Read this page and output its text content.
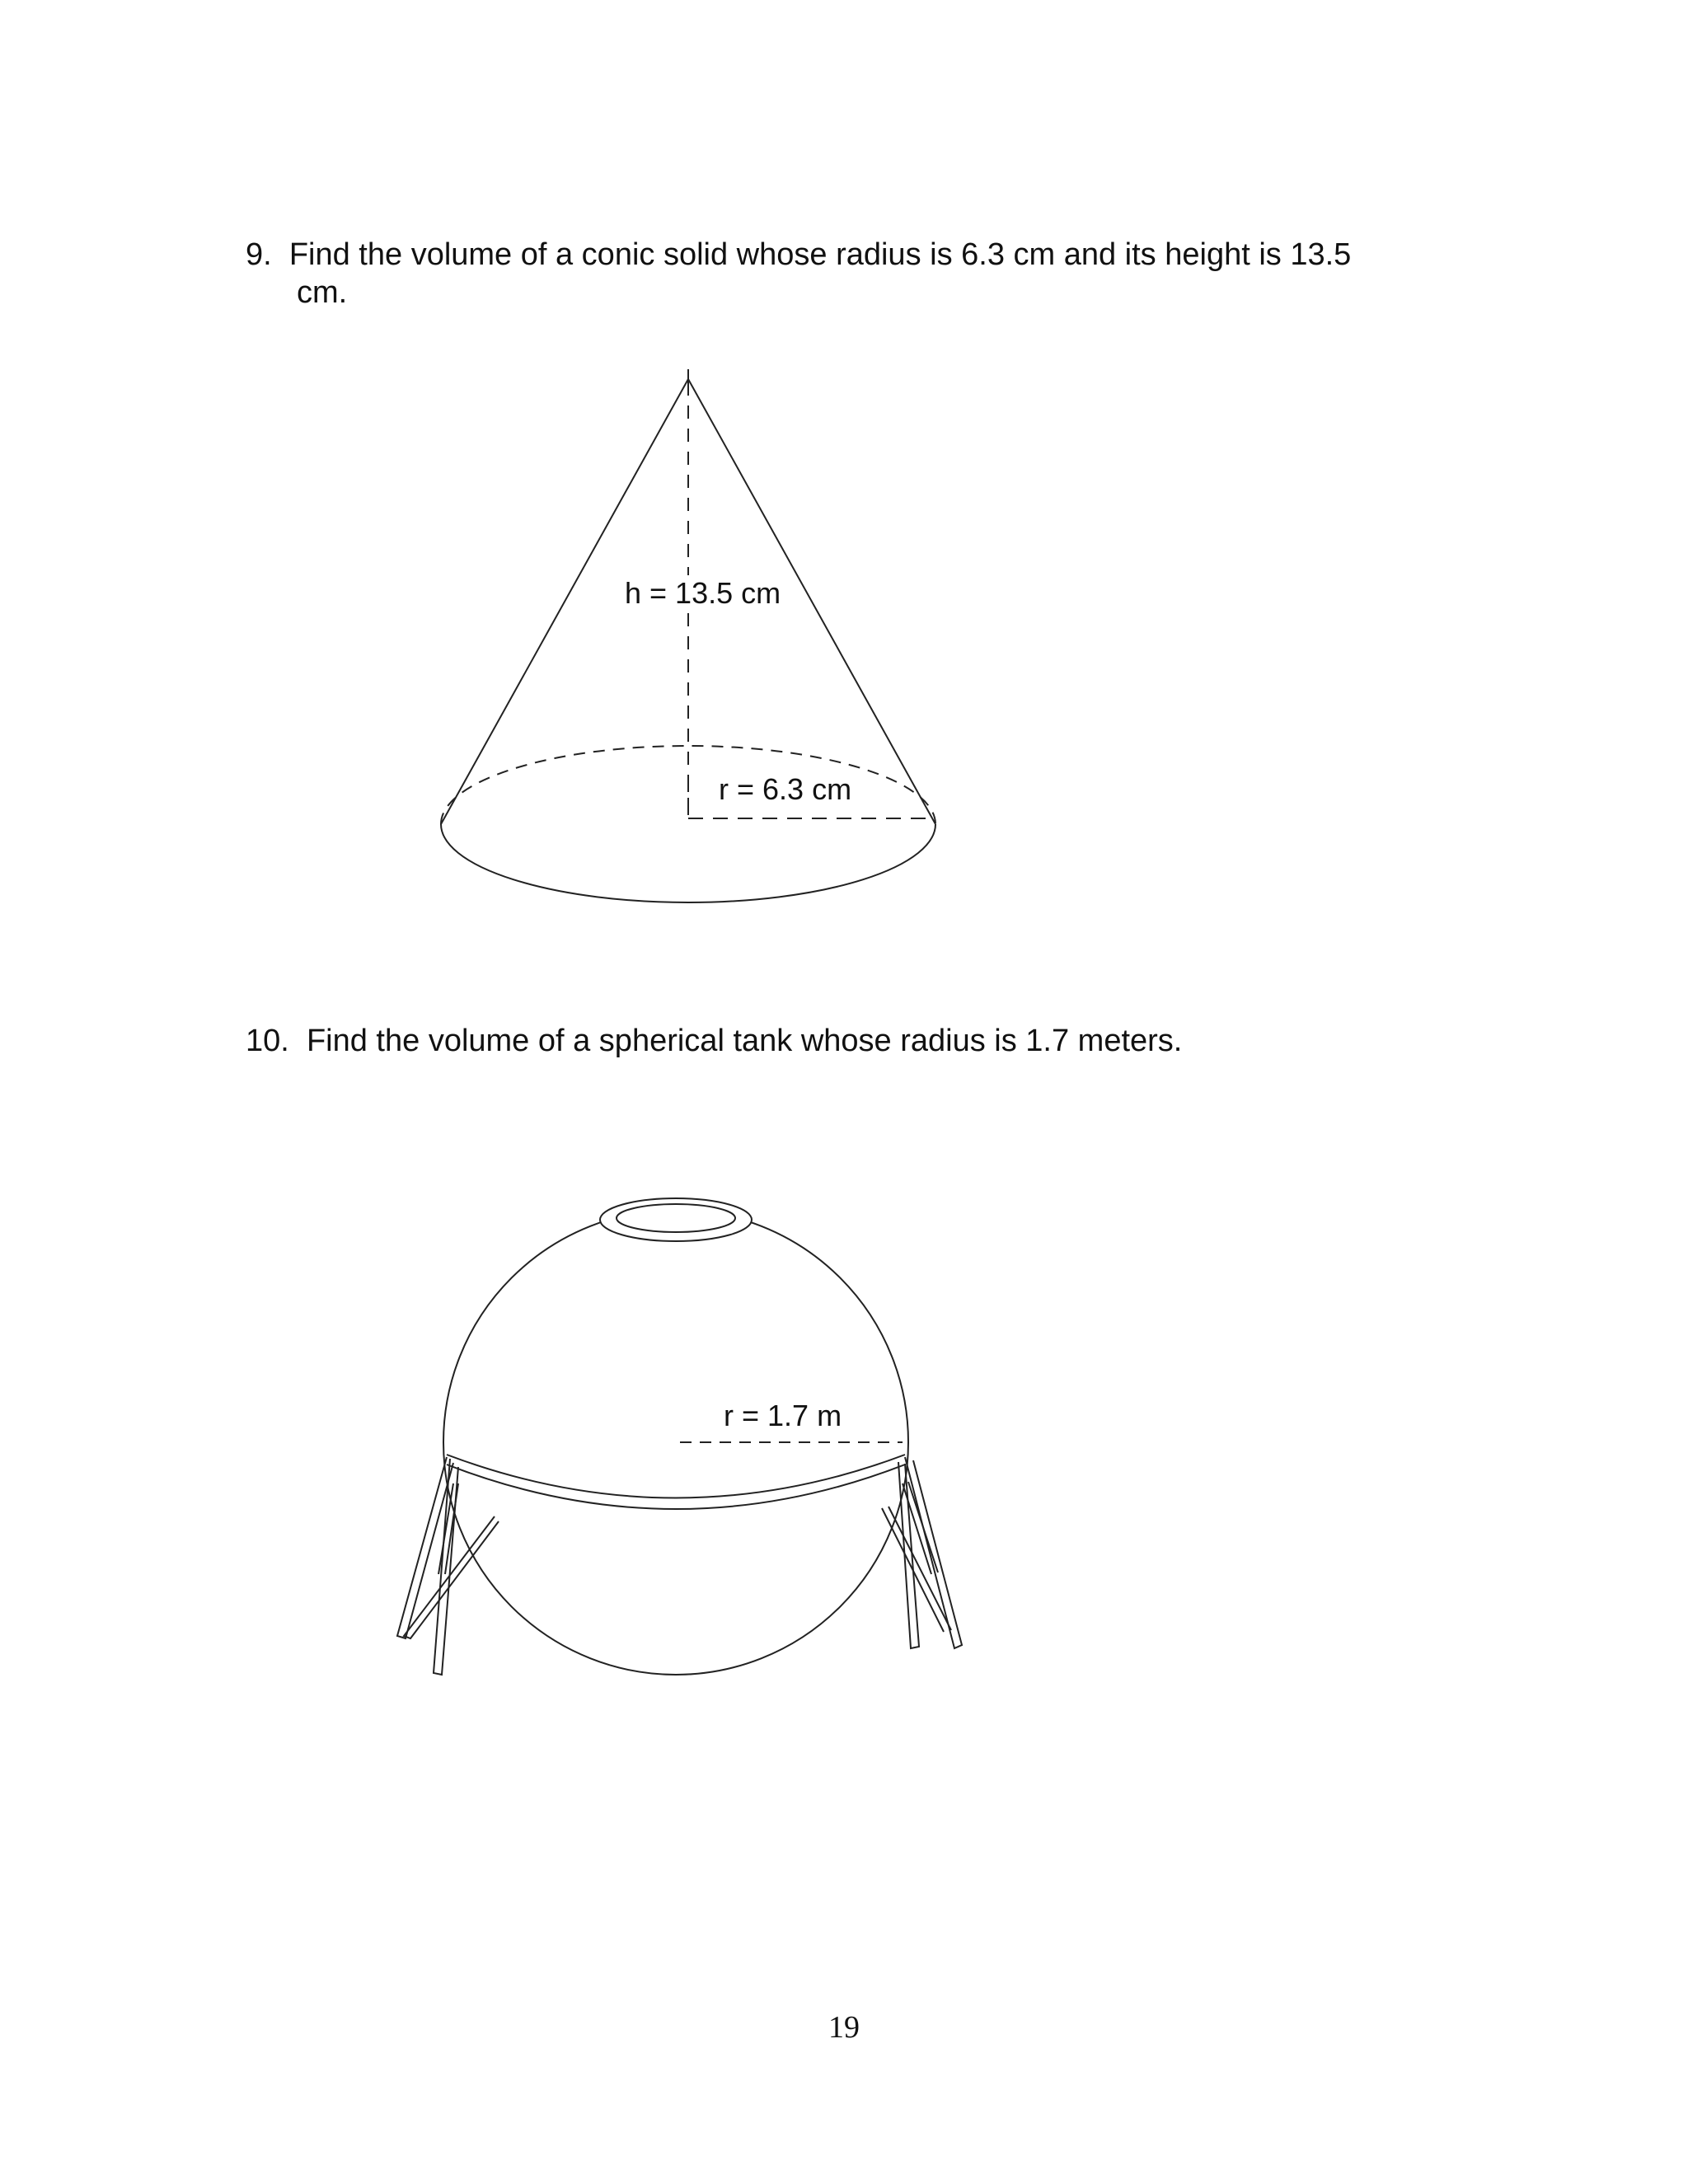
9. Find the volume of a conic solid whose radius is 6.3 cm and its height is 13.5

cm.

h = 13.5 cm
r = 6.3 cm

10. Find the volume of a spherical tank whose radius is 1.7 meters.

r = 1.7 m
19
